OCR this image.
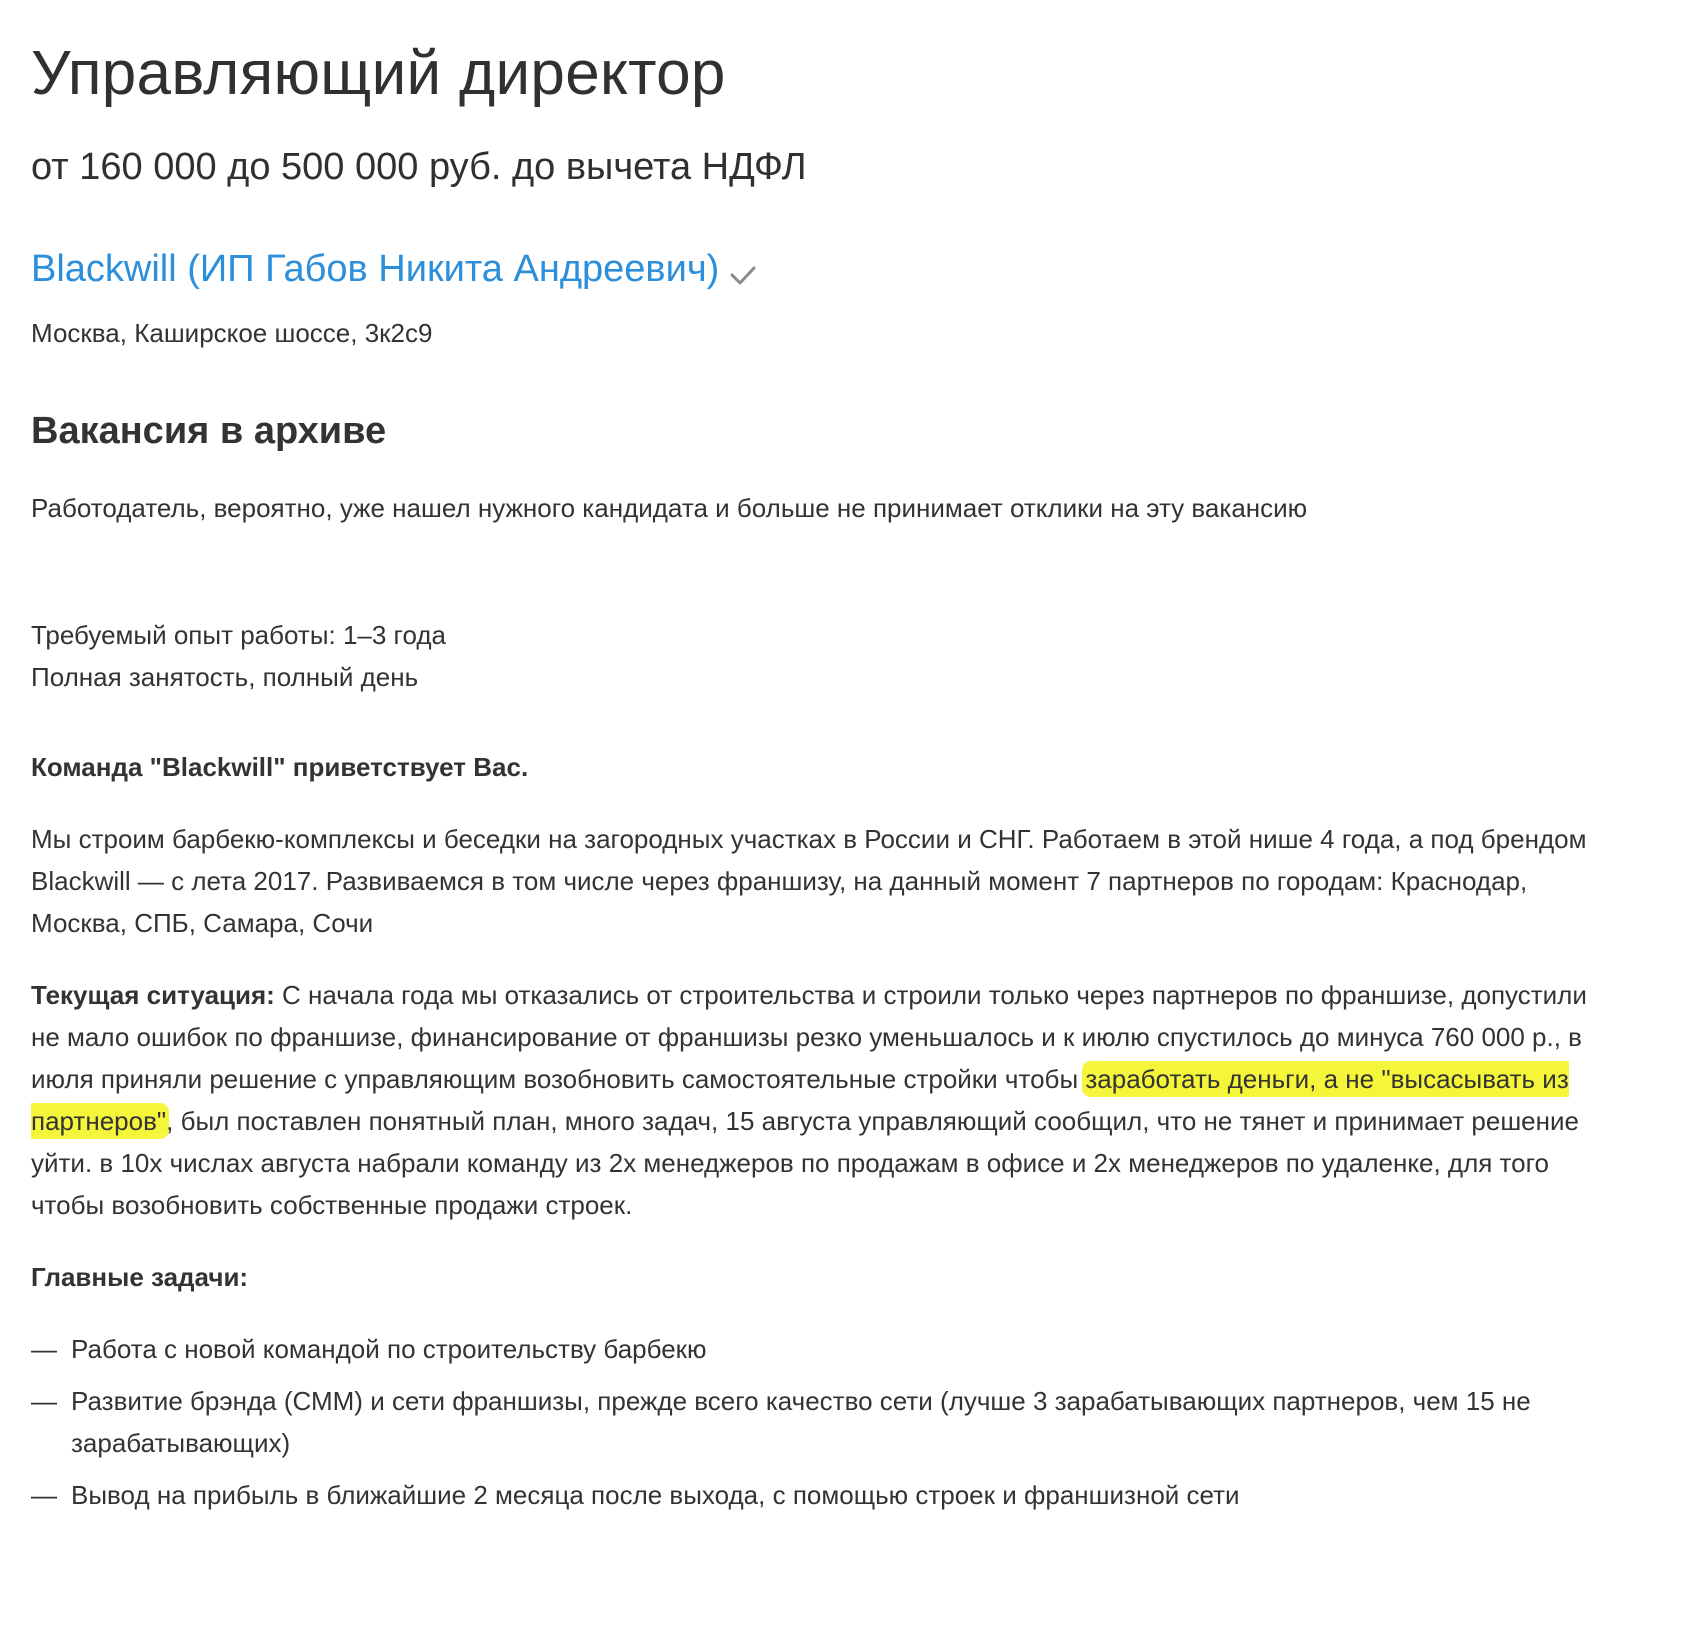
Управляющий директор
от 160 000 до 500 000 руб. до вычета НДФЛ
Blackwill (ИП Габов Никита Андреевич)
Москва, Каширское шоссе, 3к2с9
Вакансия в архиве
Работодатель, вероятно, уже нашел нужного кандидата и больше не принимает отклики на эту вакансию
Требуемый опыт работы: 1–3 года
Полная занятость, полный день

Команда "Blackwill" приветствует Вас.

Мы строим барбекю-комплексы и беседки на загородных участках в России и СНГ. Работаем в этой нише 4 года, а под брендом Blackwill — с лета 2017. Развиваемся в том числе через франшизу, на данный момент 7 партнеров по городам: Краснодар, Москва, СПБ, Самара, Сочи

Текущая ситуация: С начала года мы отказались от строительства и строили только через партнеров по франшизе, допустили не мало ошибок по франшизе, финансирование от франшизы резко уменьшалось и к июлю спустилось до минуса 760 000 р., в июля приняли решение с управляющим возобновить самостоятельные стройки чтобы заработать деньги, а не "высасывать из партнеров", был поставлен понятный план, много задач, 15 августа управляющий сообщил, что не тянет и принимает решение уйти. в 10х числах августа набрали команду из 2х менеджеров по продажам в офисе и 2х менеджеров по удаленке, для того чтобы возобновить собственные продажи строек.

Главные задачи:

— Работа с новой командой по строительству барбекю
— Развитие брэнда (СММ) и сети франшизы, прежде всего качество сети (лучше 3 зарабатывающих партнеров, чем 15 не зарабатывающих)
— Вывод на прибыль в ближайшие 2 месяца после выхода, с помощью строек и франшизной сети
